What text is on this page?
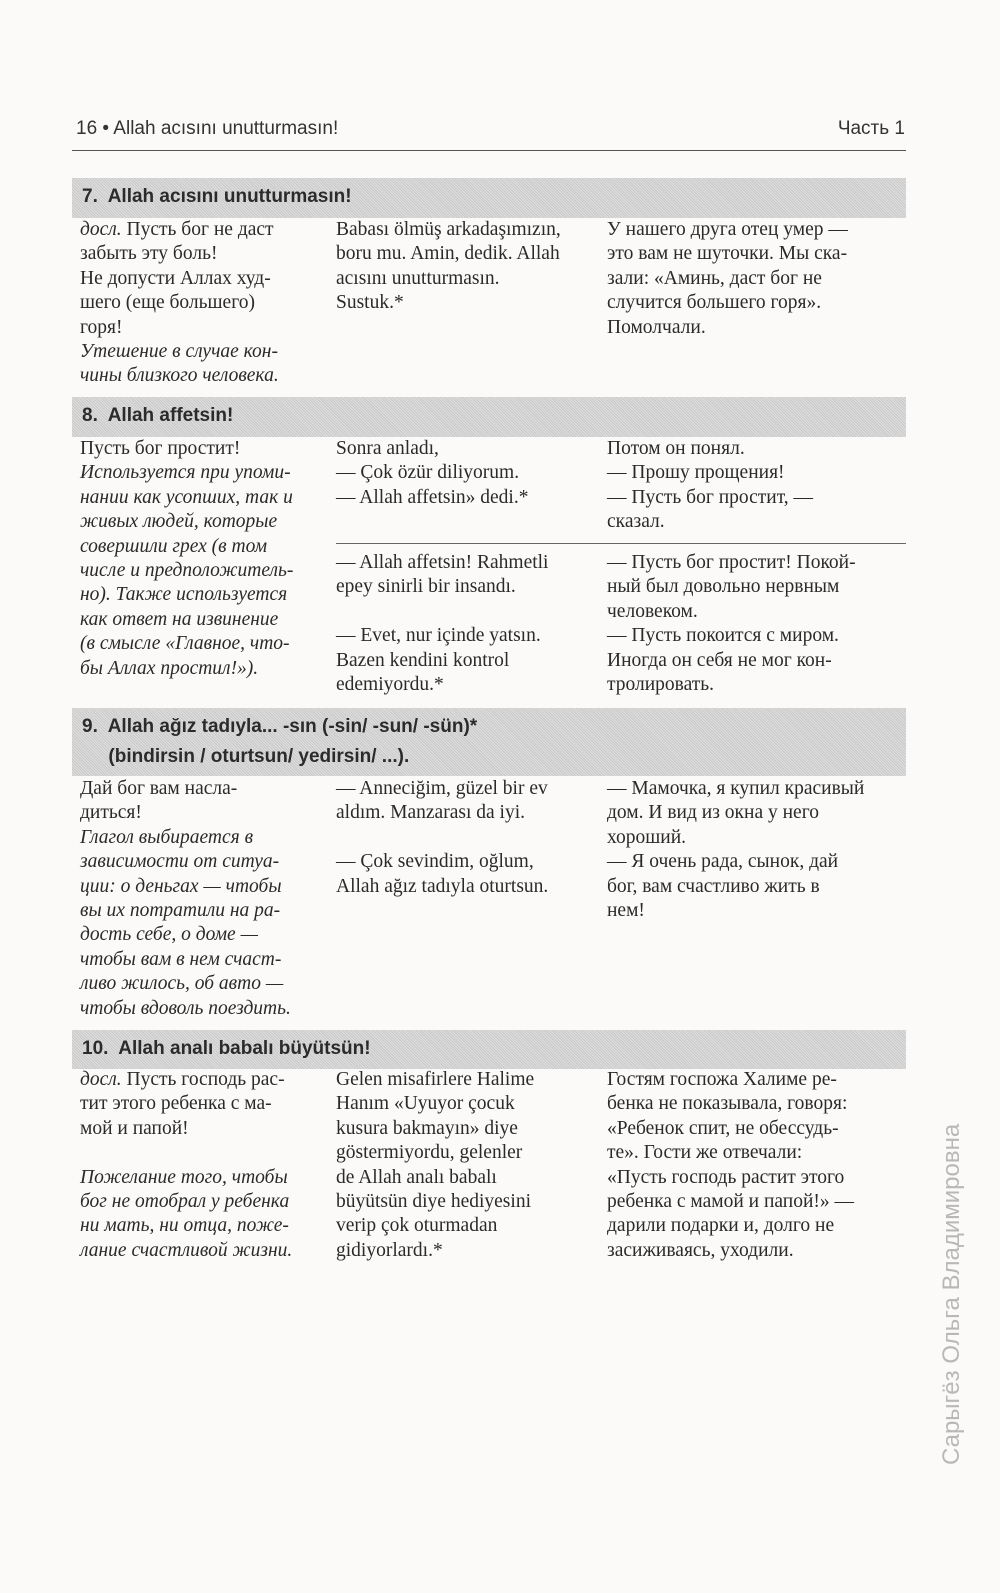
16 • Allah acısını unutturmasın!	Часть 1
Сарыгёз Ольга Владимировна
7.  Allah acısını unutturmasın!
досл. Пусть бог не даст
забыть эту боль!
Не допусти Аллах худ-
шего (еще большего)
горя!
Утешение в случае кон-
чины близкого человека.
Babası ölmüş arkadaşımızın,
boru mu. Amin, dedik. Allah
acısını unutturmasın.
Sustuk.*
У нашего друга отец умер —
это вам не шуточки. Мы ска-
зали: «Аминь, даст бог не
случится большего горя».
Помолчали.
8.  Allah affetsin!
Пусть бог простит!
Используется при упоми-
нании как усопших, так и
живых людей, которые
совершили грех (в том
числе и предположитель-
но). Также используется
как ответ на извинение
(в смысле «Главное, что-
бы Аллах простил!»).
Sonra anladı,
— Çok özür diliyorum.
— Allah affetsin» dedi.*
Потом он понял.
— Прошу прощения!
— Пусть бог простит, —
сказал.
— Allah affetsin! Rahmetli
epey sinirli bir insandı.
— Evet, nur içinde yatsın.
Bazen kendini kontrol
edemiyordu.*
— Пусть бог простит! Покой-
ный был довольно нервным
человеком.
— Пусть покоится с миром.
Иногда он себя не мог кон-
тролировать.
9.  Allah ağız tadıyla... -sın (-sin/ -sun/ -sün)*
(bindirsin / oturtsun/ yedirsin/ ...).
Дай бог вам насла-
диться!
Глагол выбирается в
зависимости от ситуа-
ции: о деньгах — чтобы
вы их потратили на ра-
дость себе, о доме —
чтобы вам в нем счаст-
ливо жилось, об авто —
чтобы вдоволь поездить.
— Anneciğim, güzel bir ev
aldım. Manzarası da iyi.
— Çok sevindim, oğlum,
Allah ağız tadıyla oturtsun.
— Мамочка, я купил красивый
дом. И вид из окна у него
хороший.
— Я очень рада, сынок, дай
бог, вам счастливо жить в
нем!
10.  Allah analı babalı büyütsün!
досл. Пусть господь рас-
тит этого ребенка с ма-
мой и папой!
Пожелание того, чтобы
бог не отобрал у ребенка
ни мать, ни отца, поже-
лание счастливой жизни.
Gelen misafirlere Halime
Hanım «Uyuyor çocuk
kusura bakmayın» diye
göstermiyordu, gelenler
de Allah analı babalı
büyütsün diye hediyesini
verip çok oturmadan
gidiyorlardı.*
Гостям госпожа Халиме ре-
бенка не показывала, говоря:
«Ребенок спит, не обессудь-
те». Гости же отвечали:
«Пусть господь растит этого
ребенка с мамой и папой!» —
дарили подарки и, долго не
засиживаясь, уходили.
